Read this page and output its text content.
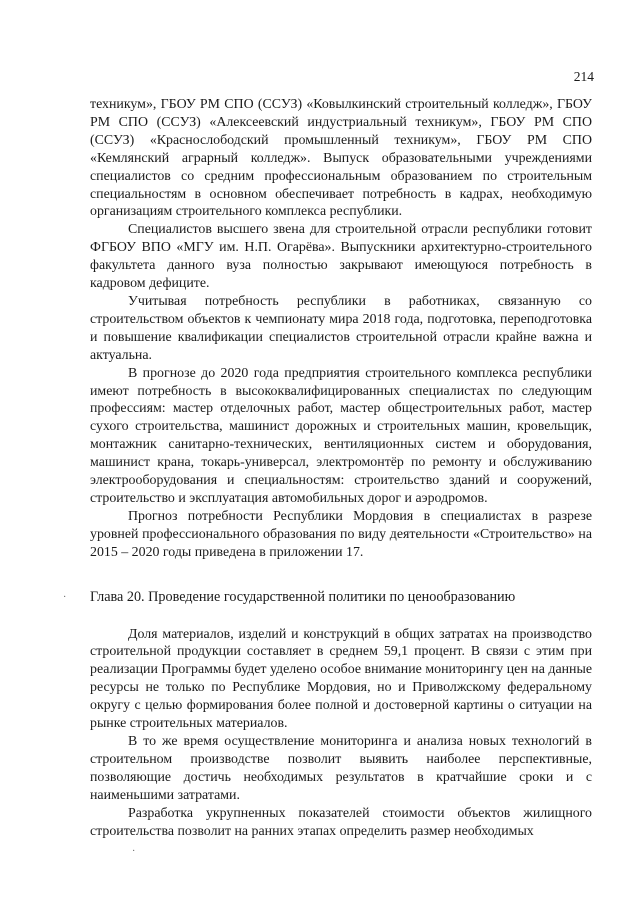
214

техникум», ГБОУ РМ СПО (ССУЗ) «Ковылкинский строительный колледж», ГБОУ РМ СПО (ССУЗ) «Алексеевский индустриальный техникум», ГБОУ РМ СПО (ССУЗ) «Краснослободский промышленный техникум», ГБОУ РМ СПО «Кемлянский аграрный колледж». Выпуск образовательными учреждениями специалистов со средним профессиональным образованием по строительным специальностям в основном обеспечивает потребность в кадрах, необходимую организациям строительного комплекса республики.

Специалистов высшего звена для строительной отрасли республики готовит ФГБОУ ВПО «МГУ им. Н.П. Огарёва». Выпускники архитектурно-строительного факультета данного вуза полностью закрывают имеющуюся потребность в кадровом дефиците.

Учитывая потребность республики в работниках, связанную со строительством объектов к чемпионату мира 2018 года, подготовка, переподготовка и повышение квалификации специалистов строительной отрасли крайне важна и актуальна.

В прогнозе до 2020 года предприятия строительного комплекса республики имеют потребность в высококвалифицированных специалистах по следующим профессиям: мастер отделочных работ, мастер общестроительных работ, мастер сухого строительства, машинист дорожных и строительных машин, кровельщик, монтажник санитарно-технических, вентиляционных систем и оборудования, машинист крана, токарь-универсал, электромонтёр по ремонту и обслуживанию электрооборудования и специальностям: строительство зданий и сооружений, строительство и эксплуатация автомобильных дорог и аэродромов.

Прогноз потребности Республики Мордовия в специалистах в разрезе уровней профессионального образования по виду деятельности «Строительство» на 2015 – 2020 годы приведена в приложении 17.

Глава 20. Проведение государственной политики по ценообразованию

Доля материалов, изделий и конструкций в общих затратах на производство строительной продукции составляет в среднем 59,1 процент. В связи с этим при реализации Программы будет уделено особое внимание мониторингу цен на данные ресурсы не только по Республике Мордовия, но и Приволжскому федеральному округу с целью формирования более полной и достоверной картины о ситуации на рынке строительных материалов.

В то же время осуществление мониторинга и анализа новых технологий в строительном производстве позволит выявить наиболее перспективные, позволяющие достичь необходимых результатов в кратчайшие сроки и с наименьшими затратами.

Разработка укрупненных показателей стоимости объектов жилищного строительства позволит на ранних этапах определить размер необходимых

·
·
